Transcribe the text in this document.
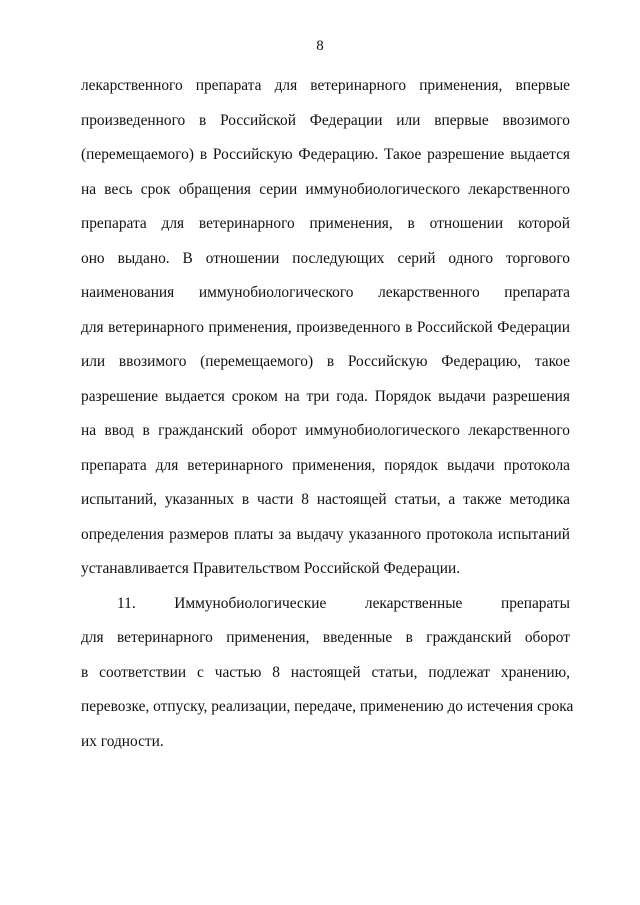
8
лекарственного препарата для ветеринарного применения, впервые
произведенного в Российской Федерации или впервые ввозимого
(перемещаемого) в Российскую Федерацию. Такое разрешение выдается
на весь срок обращения серии иммунобиологического лекарственного
препарата для ветеринарного применения, в отношении которой
оно выдано. В отношении последующих серий одного торгового
наименования иммунобиологического лекарственного препарата
для ветеринарного применения, произведенного в Российской Федерации
или ввозимого (перемещаемого) в Российскую Федерацию, такое
разрешение выдается сроком на три года. Порядок выдачи разрешения
на ввод в гражданский оборот иммунобиологического лекарственного
препарата для ветеринарного применения, порядок выдачи протокола
испытаний, указанных в части 8 настоящей статьи, а также методика
определения размеров платы за выдачу указанного протокола испытаний
устанавливается Правительством Российской Федерации.
11. Иммунобиологические лекарственные препараты
для ветеринарного применения, введенные в гражданский оборот
в соответствии с частью 8 настоящей статьи, подлежат хранению,
перевозке, отпуску, реализации, передаче, применению до истечения срока
их годности.
